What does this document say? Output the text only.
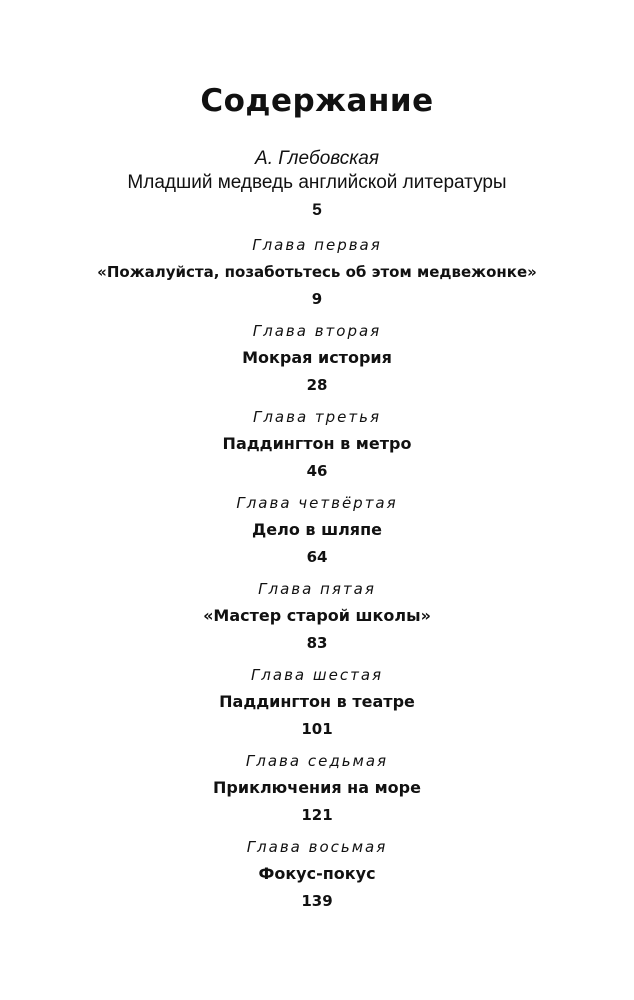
Содержание
А. Глебовская
Младший медведь английской литературы
5
Глава первая
«Пожалуйста, позаботьтесь об этом медвежонке»
9
Глава вторая
Мокрая история
28
Глава третья
Паддингтон в метро
46
Глава четвёртая
Дело в шляпе
64
Глава пятая
«Мастер старой школы»
83
Глава шестая
Паддингтон в театре
101
Глава седьмая
Приключения на море
121
Глава восьмая
Фокус-покус
139
